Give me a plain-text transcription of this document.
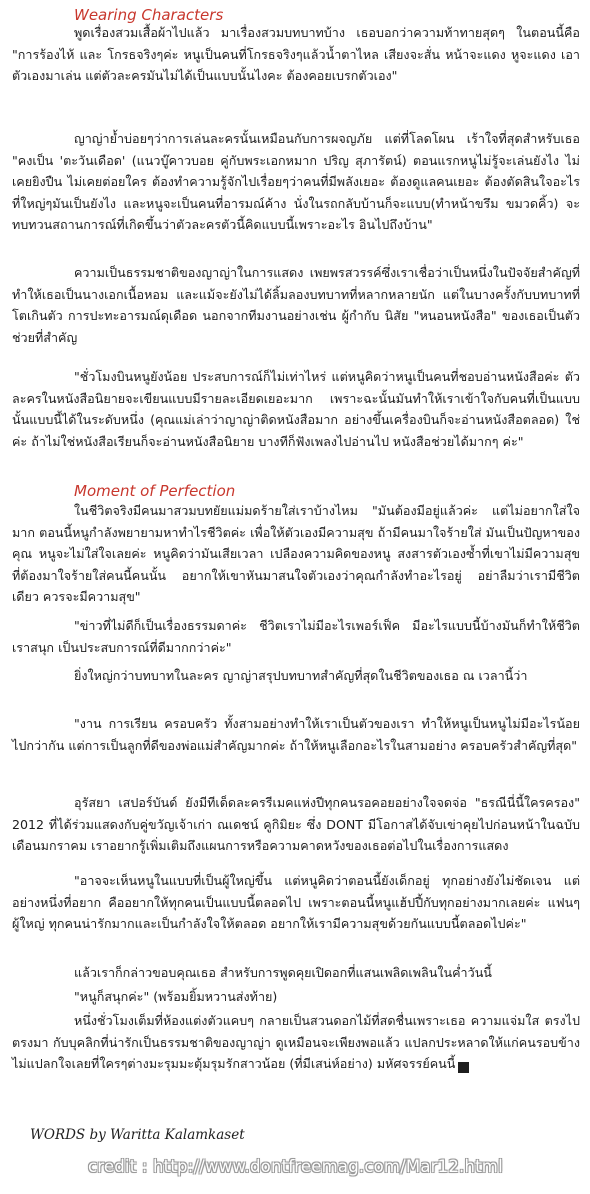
Wearing Characters

พูดเรื่องสวมเสื้อผ้าไปแล้ว มาเรื่องสวมบทบาทบ้าง เธอบอกว่าความท้าทายสุดๆ ในตอนนี้คือ "การร้องไห้ และ โกรธจริงๆค่ะ หนูเป็นคนที่โกรธจริงๆแล้วน้ำตาไหล เสียงจะสั่น หน้าจะแดง หูจะแดง เอาตัวเองมาเล่น แต่ตัวละครมันไม่ได้เป็นแบบนั้นไงคะ ต้องคอยเบรกตัวเอง"

ญาญ่าย้ำบ่อยๆว่าการเล่นละครนั้นเหมือนกับการผจญภัย แต่ที่โลดโผน เร้าใจที่สุดสำหรับเธอ "คงเป็น 'ตะวันเดือด' (แนวบู๊คาวบอย คู่กับพระเอกหมาก ปริญ สุภารัตน์) ตอนแรกหนูไม่รู้จะเล่นยังไง ไม่เคยยิงปืน ไม่เคยต่อยใคร ต้องทำความรู้จักไปเรื่อยๆว่าคนที่มีพลังเยอะ ต้องดูแลคนเยอะ ต้องตัดสินใจอะไรที่ใหญ่ๆมันเป็นยังไง และหนูจะเป็นคนที่อารมณ์ค้าง นั่งในรถกลับบ้านก็จะแบบ(ทำหน้าขรึม ขมวดคิ้ว) จะทบทวนสถานการณ์ที่เกิดขึ้นว่าตัวละครตัวนี้คิดแบบนี้เพราะอะไร อินไปถึงบ้าน"

ความเป็นธรรมชาติของญาญ่าในการแสดง เพยพรสวรรค์ซึ่งเราเชื่อว่าเป็นหนึ่งในปัจจัยสำคัญที่ทำให้เธอเป็นนางเอกเนื้อหอม และแม้จะยังไม่ได้ลิ้มลองบทบาทที่หลากหลายนัก แต่ในบางครั้งกับบทบาทที่โตเกินตัว การปะทะอารมณ์ดุเดือด นอกจากทีมงานอย่างเช่น ผู้กำกับ นิสัย "หนอนหนังสือ" ของเธอเป็นตัวช่วยที่สำคัญ

"ชั่วโมงบินหนูยังน้อย ประสบการณ์ก็ไม่เท่าไหร่ แต่หนูคิดว่าหนูเป็นคนที่ชอบอ่านหนังสือค่ะ ตัวละครในหนังสือนิยายจะเขียนแบบมีรายละเอียดเยอะมาก เพราะฉะนั้นมันทำให้เราเข้าใจกับคนที่เป็นแบบนั้นแบบนี้ได้ในระดับหนึ่ง (คุณแม่เล่าว่าญาญ่าติดหนังสือมาก อย่างขึ้นเครื่องบินก็จะอ่านหนังสือตลอด) ใช่ค่ะ ถ้าไม่ใช่หนังสือเรียนก็จะอ่านหนังสือนิยาย บางทีก็ฟังเพลงไปอ่านไป หนังสือช่วยได้มากๆ ค่ะ"

Moment of Perfection

ในชีวิตจริงมีคนมาสวมบทยัยแม่มดร้ายใส่เราบ้างไหม "มันต้องมีอยู่แล้วค่ะ แต่ไม่อยากใส่ใจมาก ตอนนี้หนูกำลังพยายามหาทำไรชีวิตค่ะ เพื่อให้ตัวเองมีความสุข ถ้ามีคนมาใจร้ายใส่ มันเป็นปัญหาของคุณ หนูจะไม่ใส่ใจเลยค่ะ หนูคิดว่ามันเสียเวลา เปลืองความคิดของหนู สงสารตัวเองซ้ำที่เขาไม่มีความสุข ที่ต้องมาใจร้ายใส่คนนี้คนนั้น อยากให้เขาหันมาสนใจตัวเองว่าคุณกำลังทำอะไรอยู่ อย่าลืมว่าเรามีชีวิตเดียว ควรจะมีความสุข"

"ข่าวที่ไม่ดีก็เป็นเรื่องธรรมดาค่ะ ชีวิตเราไม่มีอะไรเพอร์เฟ็ค มีอะไรแบบนี้บ้างมันก็ทำให้ชีวิตเราสนุก เป็นประสบการณ์ที่ดีมากกว่าค่ะ"

ยิ่งใหญ่กว่าบทบาทในละคร ญาญ่าสรุปบทบาทสำคัญที่สุดในชีวิตของเธอ ณ เวลานี้ว่า

"งาน การเรียน ครอบครัว ทั้งสามอย่างทำให้เราเป็นตัวของเรา ทำให้หนูเป็นหนูไม่มีอะไรน้อยไปกว่ากัน แต่การเป็นลูกที่ดีของพ่อแม่สำคัญมากค่ะ ถ้าให้หนูเลือกอะไรในสามอย่าง ครอบครัวสำคัญที่สุด"

อุรัสยา เสปอร์บันด์ ยังมีทีเด็ดละครรีเมคแห่งปีทุกคนรอคอยอย่างใจจดจ่อ "ธรณีนี่นี้ใครครอง" 2012 ที่ได้ร่วมแสดงกับคู่ขวัญเจ้าเก่า ณเดชน์ คูกิมิยะ ซึ่ง DONT มีโอกาสได้จับเข่าคุยไปก่อนหน้าในฉบับเดือนมกราคม เราอยากรู้เพิ่มเติมถึงแผนการหรือความคาดหวังของเธอต่อไปในเรื่องการแสดง

"อาจจะเห็นหนูในแบบที่เป็นผู้ใหญ่ขึ้น แต่หนูคิดว่าตอนนี้ยังเด็กอยู่ ทุกอย่างยังไม่ชัดเจน แต่อย่างหนึ่งที่อยาก คืออยากให้ทุกคนเป็นแบบนี้ตลอดไป เพราะตอนนี้หนูแฮ้ปปี้กับทุกอย่างมากเลยค่ะ แฟนๆ ผู้ใหญ่ ทุกคนน่ารักมากและเป็นกำลังใจให้ตลอด อยากให้เรามีความสุขด้วยกันแบบนี้ตลอดไปค่ะ"

แล้วเราก็กล่าวขอบคุณเธอ สำหรับการพูดคุยเปิดอกที่แสนเพลิดเพลินในค่ำวันนี้

"หนูก็สนุกค่ะ" (พร้อมยิ้มหวานส่งท้าย)

หนึ่งชั่วโมงเต็มที่ห้องแต่งตัวแคบๆ กลายเป็นสวนดอกไม้ที่สดชื่นเพราะเธอ ความแจ่มใส ตรงไปตรงมา กับบุคลิกที่น่ารักเป็นธรรมชาติของญาญ่า ดูเหมือนจะเพียงพอแล้ว แปลกประหลาดให้แก่คนรอบข้าง ไม่แปลกใจเลยที่ใครๆต่างมะรุมมะตุ้มรุมรักสาวน้อย (ที่มีเสน่ห์อย่าง) มหัศจรรย์คนนี้	D

WORDS by Waritta Kalamkaset
credit : http://www.dontfreemag.com/Mar12.html
